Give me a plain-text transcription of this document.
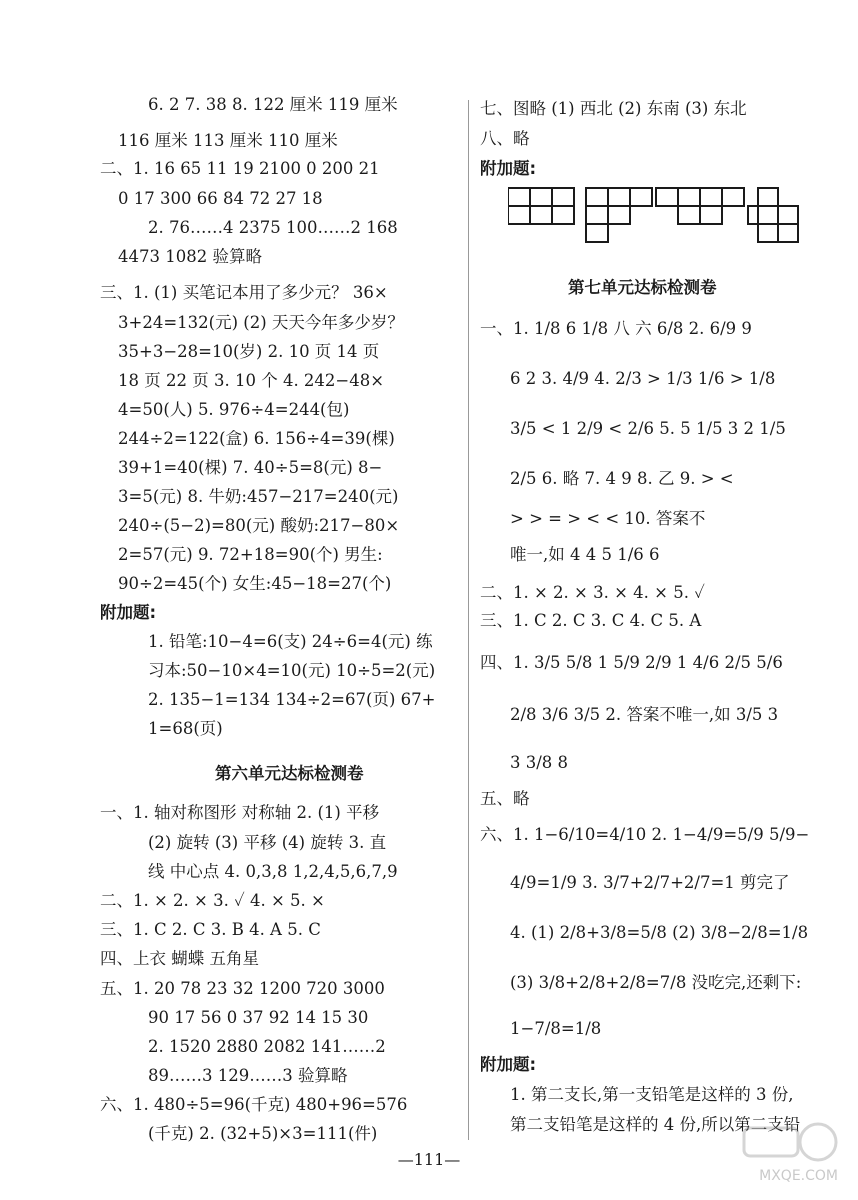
6. 2 7. 38 8. 122 厘米 119 厘米
116 厘米 113 厘米 110 厘米
二、1. 16 65 11 19 2100 0 200 21
0 17 300 66 84 72 27 18
2. 76……4 2375 100……2 168
4473 1082 验算略
三、1. (1) 买笔记本用了多少元？ 36×
3+24=132(元) (2) 天天今年多少岁？
35+3−28=10(岁) 2. 10 页 14 页
18 页 22 页 3. 10 个 4. 242−48×
4=50(人) 5. 976÷4=244(包)
244÷2=122(盒) 6. 156÷4=39(棵)
39+1=40(棵) 7. 40÷5=8(元) 8−
3=5(元) 8. 牛奶:457−217=240(元)
240÷(5−2)=80(元) 酸奶:217−80×
2=57(元) 9. 72+18=90(个) 男生:
90÷2=45(个) 女生:45−18=27(个)
附加题:
1. 铅笔:10−4=6(支) 24÷6=4(元) 练
习本:50−10×4=10(元) 10÷5=2(元)
2. 135−1=134 134÷2=67(页) 67+
1=68(页)
第六单元达标检测卷
一、1. 轴对称图形 对称轴 2. (1) 平移
(2) 旋转 (3) 平移 (4) 旋转 3. 直
线 中心点 4. 0,3,8 1,2,4,5,6,7,9
二、1. × 2. × 3. ✓ 4. × 5. ×
三、1. C 2. C 3. B 4. A 5. C
四、上衣 蝴蝶 五角星
五、1. 20 78 23 32 1200 720 3000
90 17 56 0 37 92 14 15 30
2. 1520 2880 2082 141……2
89……3 129……3 验算略
六、1. 480÷5=96(千克) 480+96=576
(千克) 2. (32+5)×3=111(件)
七、图略 (1) 西北 (2) 东南 (3) 东北
八、略
附加题:
第七单元达标检测卷
一、1. 1/8 6 1/8 八 六 6/8 2. 6/9 9
6 2 3. 4/9 4. 2/3 > 1/3 1/6 > 1/8
3/5 < 1 2/9 < 2/6 5. 5 1/5 3 2 1/5
2/5 6. 略 7. 4 9 8. 乙 9. > <
> > = > < < 10. 答案不
唯一,如 4 4 5 1/6 6
二、1. × 2. × 3. × 4. × 5. ✓
三、1. C 2. C 3. C 4. C 5. A
四、1. 3/5 5/8 1 5/9 2/9 1 4/6 2/5 5/6
2/8 3/6 3/5 2. 答案不唯一,如 3/5 3
3 3/8 8
五、略
六、1. 1−6/10=4/10 2. 1−4/9=5/9 5/9−
4/9=1/9 3. 3/7+2/7+2/7=1 剪完了
4. (1) 2/8+3/8=5/8 (2) 3/8−2/8=1/8
(3) 3/8+2/8+2/8=7/8 没吃完,还剩下:
1−7/8=1/8
附加题:
1. 第二支长,第一支铅笔是这样的 3 份,
第二支铅笔是这样的 4 份,所以第二支铅
—111—
MXQE.COM
